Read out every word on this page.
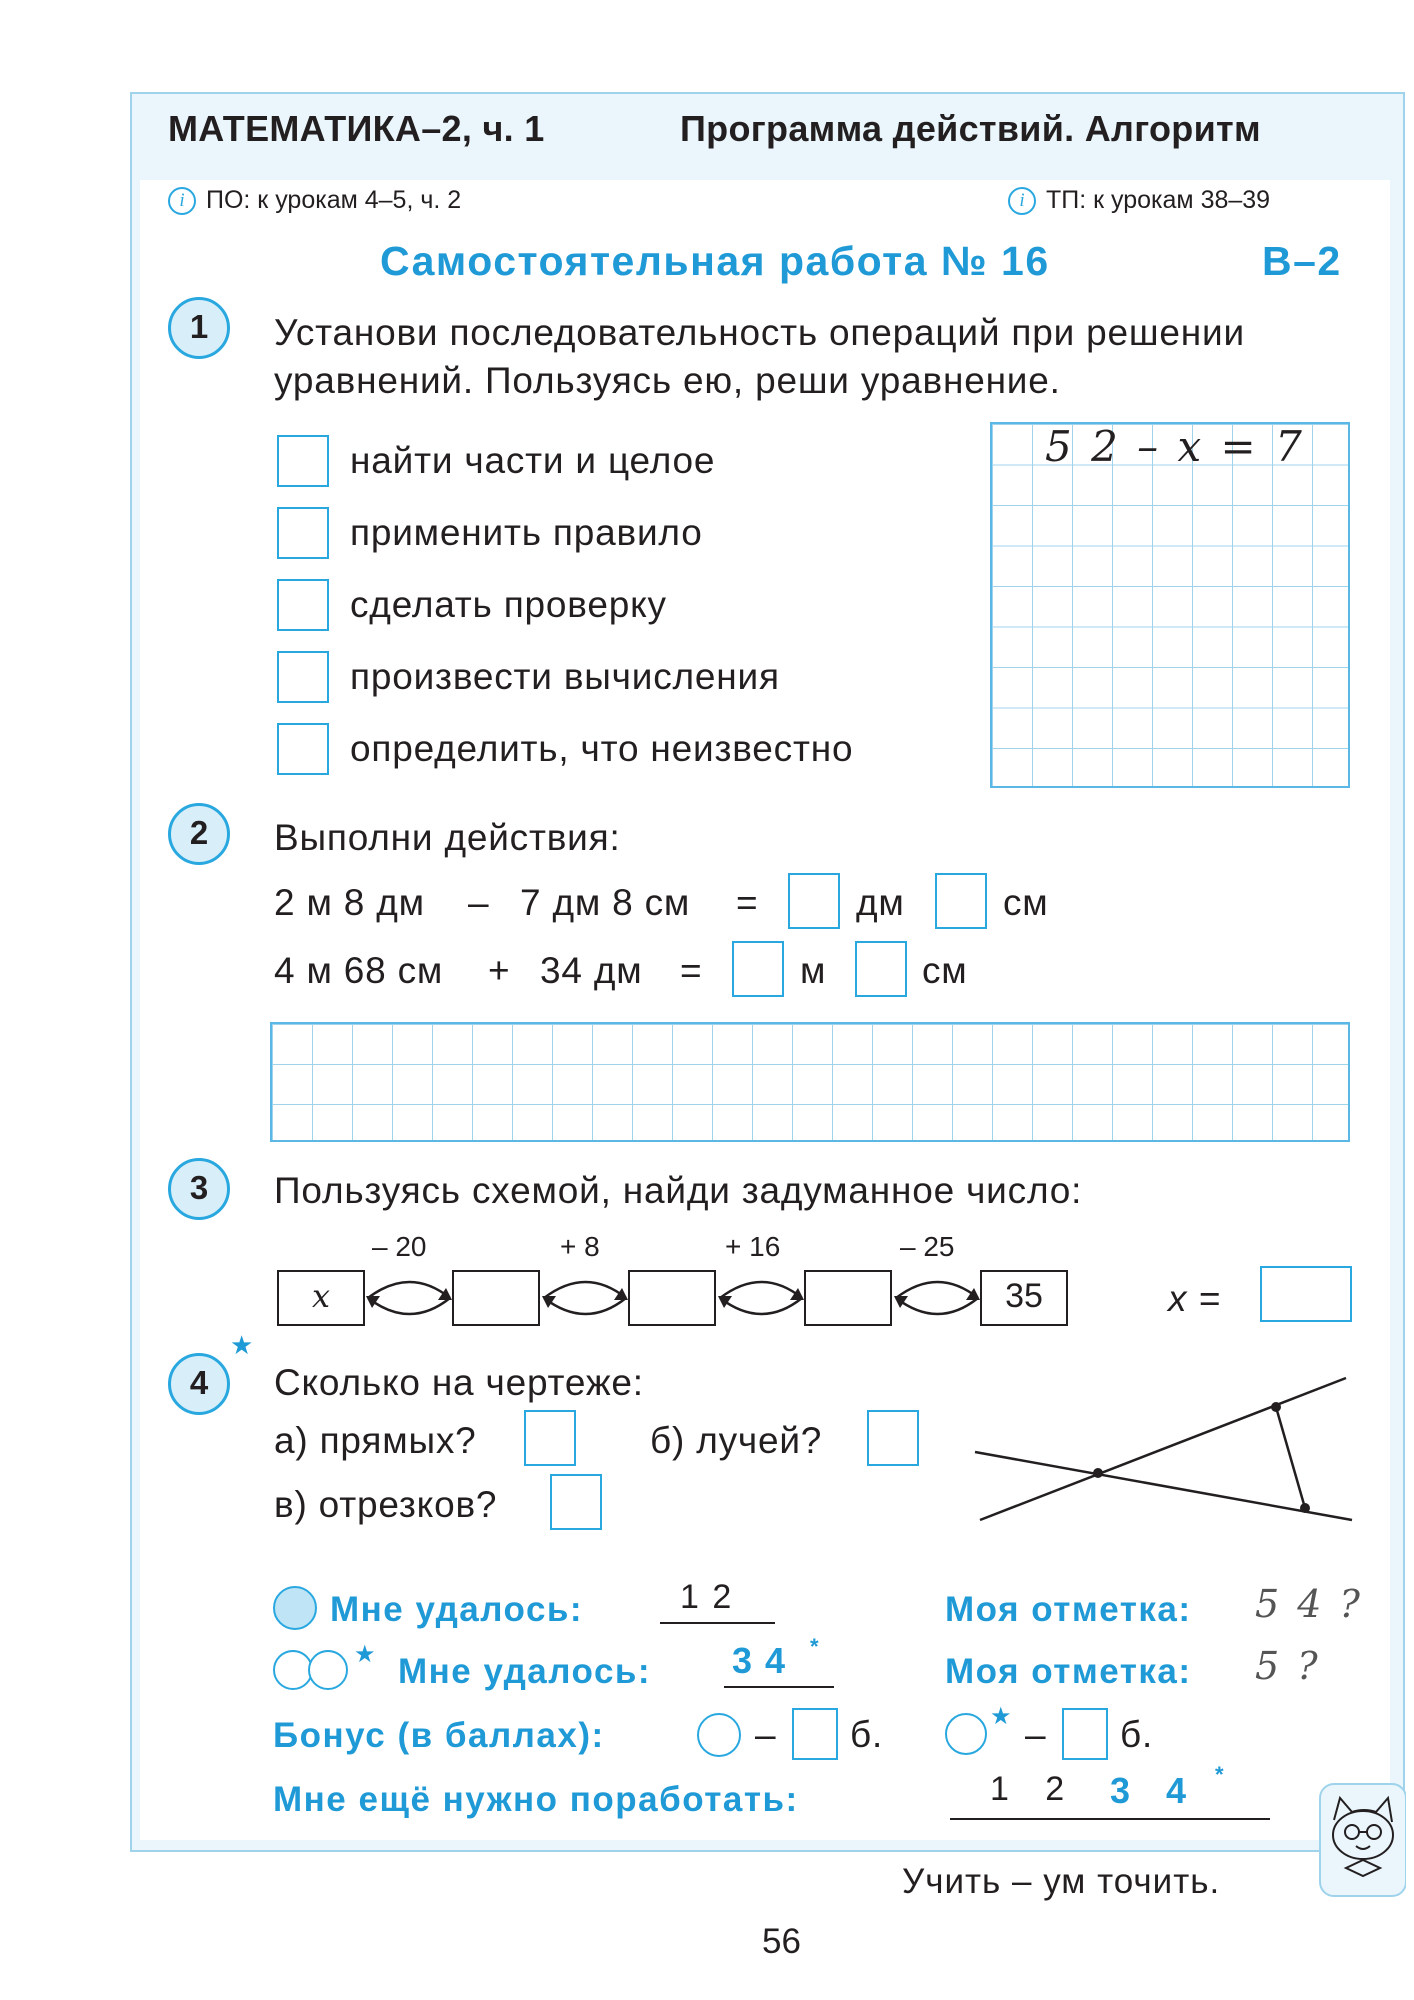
МАТЕМАТИКА–2, ч. 1	Программа действий. Алгоритм
i ПО: к урокам 4–5, ч. 2	i ТП: к урокам 38–39
Самостоятельная работа № 16	В–2
1	Установи последовательность операций при решении
уравнений. Пользуясь ею, реши уравнение.
найти части и целое
применить правило
сделать проверку
произвести вычисления
определить, что неизвестно
5 2 – x = 7
2	Выполни действия:
2 м 8 дм – 7 дм 8 см =	дм	см
4 м 68 см + 34 дм =	м	см
3	Пользуясь схемой, найди задуманное число:
– 20	+ 8	+ 16	– 25
x	35	x =
4
★
Сколько на чертеже:
а) прямых?	б) лучей?
в) отрезков?
Мне удалось:	1 2
★ Мне удалось: 3 4 *
Моя отметка: 5 4 ?
Моя отметка: 5 ?
Бонус (в баллах):	– б.	★ – б.
Мне ещё нужно поработать:	1   2 3   4 *
Учить – ум точить.
56
